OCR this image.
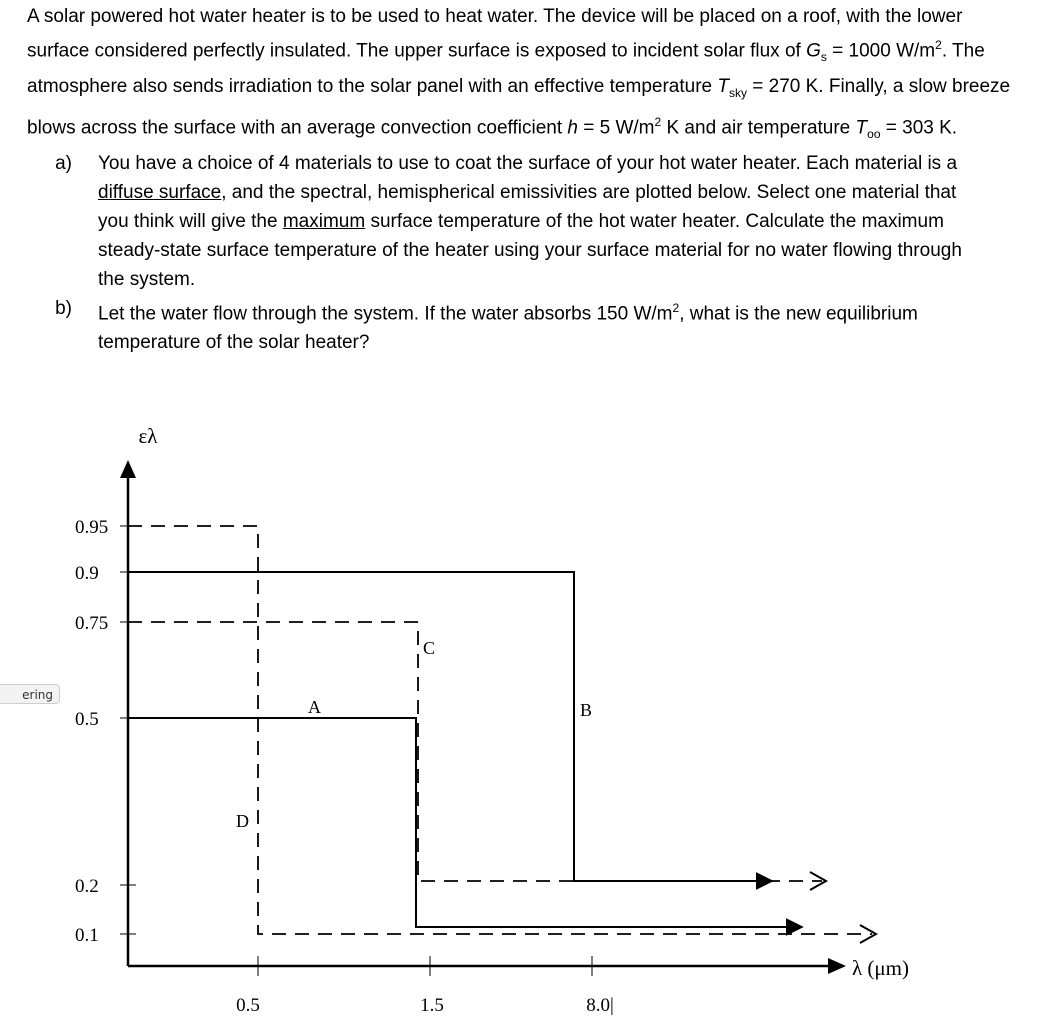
A solar powered hot water heater is to be used to heat water. The device will be placed on a roof, with the lower surface considered perfectly insulated. The upper surface is exposed to incident solar flux of $G_s = 1000$ $W/m^2$. The atmosphere also sends irradiation to the solar panel with an effective temperature $T_{sky} = 270$ K. Finally, a slow breeze blows across the surface with an average convection coefficient h = 5 $W/m^2$ K and air temperature $T_{oo} = 303$ K.

a)	You have a choice of 4 materials to use to coat the surface of your hot water heater. Each material is a diffuse surface, and the spectral, hemispherical emissivities are plotted below. Select one material that you think will give the maximum surface temperature of the hot water heater. Calculate the maximum steady-state surface temperature of the heater using your surface material for no water flowing through the system.
b)	Let the water flow through the system. If the water absorbs 150 $W/m^2$, what is the new equilibrium temperature of the solar heater?
ering
ελ
λ (μm)
0.95
0.9
0.75
0.5
0.2
0.1
0.5	1.5	8.0|
B
A
C
D
